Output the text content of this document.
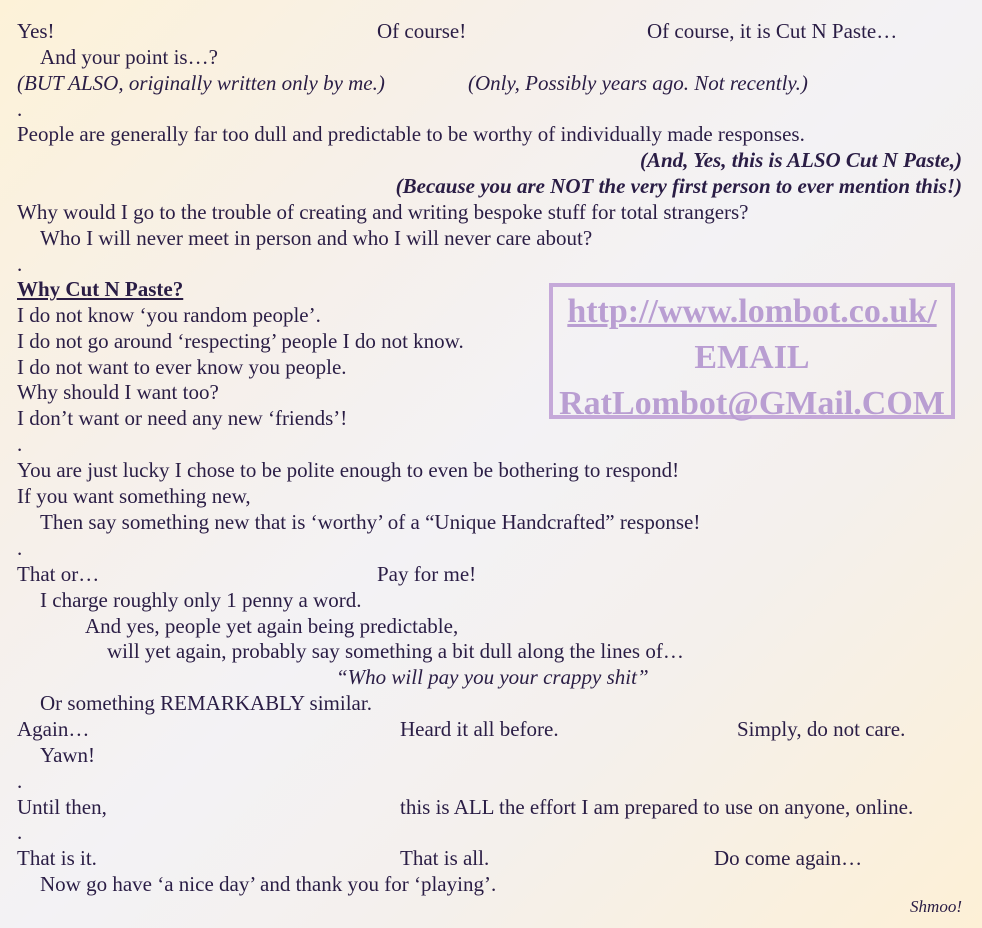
Yes!	Of course!	Of course, it is Cut N Paste…
And your point is…?
(BUT ALSO, originally written only by me.)	(Only, Possibly years ago. Not recently.)
.
People are generally far too dull and predictable to be worthy of individually made responses.
(And, Yes, this is ALSO Cut N Paste,)
(Because you are NOT the very first person to ever mention this!)
Why would I go to the trouble of creating and writing bespoke stuff for total strangers?
Who I will never meet in person and who I will never care about?
.
Why Cut N Paste?
I do not know ‘you random people’.
I do not go around ‘respecting’ people I do not know.
I do not want to ever know you people.
Why should I want too?
I don’t want or need any new ‘friends’!
.
You are just lucky I chose to be polite enough to even be bothering to respond!
If you want something new,
Then say something new that is ‘worthy’ of a “Unique Handcrafted” response!
.
That or…	Pay for me!
I charge roughly only 1 penny a word.
And yes, people yet again being predictable,
will yet again, probably say something a bit dull along the lines of…
“Who will pay you your crappy shit”
Or something REMARKABLY similar.
Again…	Heard it all before.	Simply, do not care.
Yawn!
.
Until then,	this is ALL the effort I am prepared to use on anyone, online.
.
That is it.	That is all.	Do come again…
Now go have ‘a nice day’ and thank you for ‘playing’.
http://www.lombot.co.uk/
EMAIL
RatLombot@GMail.COM
Shmoo!
